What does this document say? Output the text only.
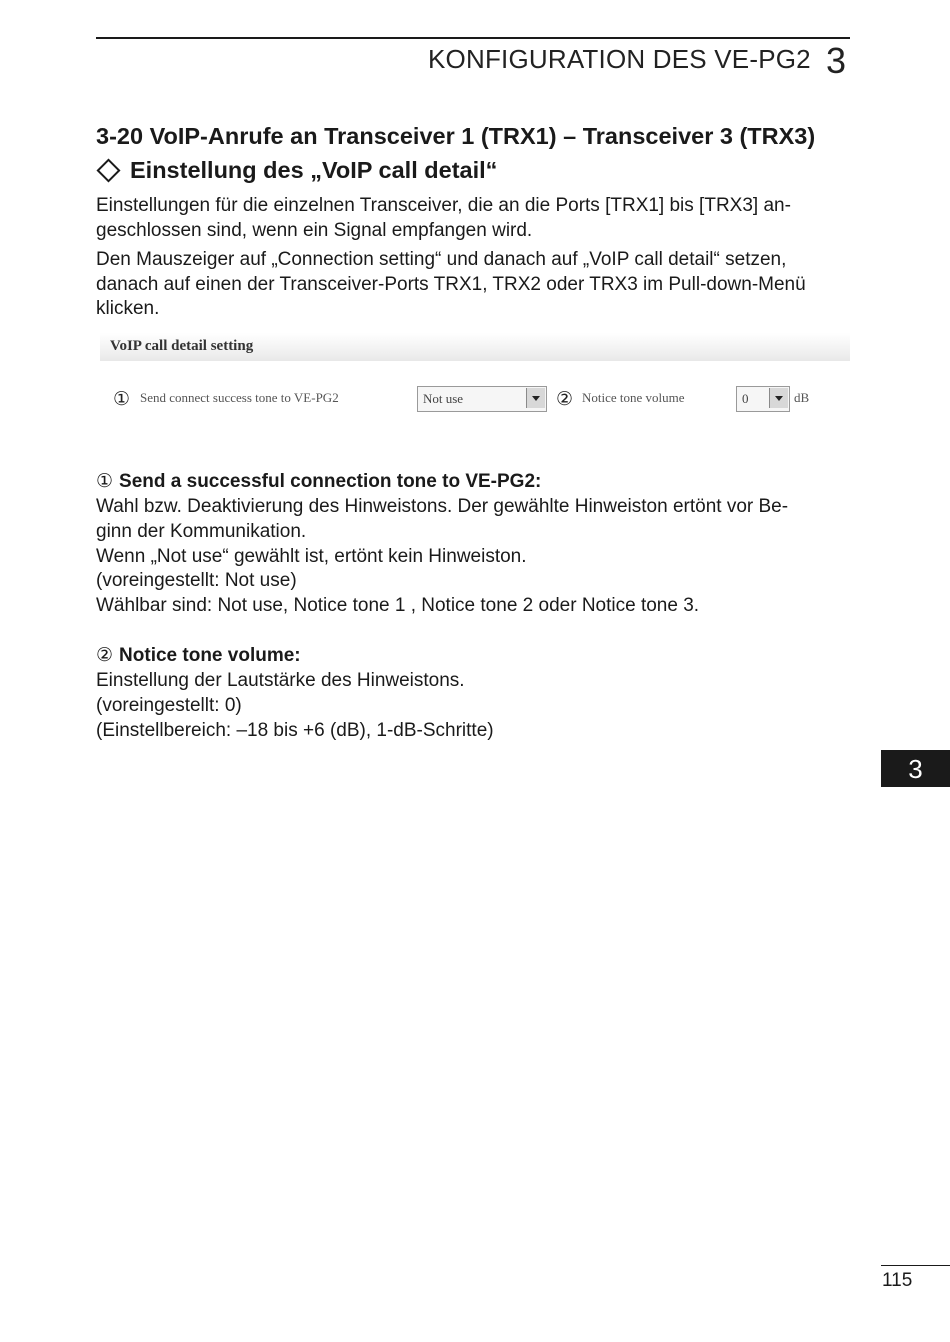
KONFIGURATION DES VE-PG2 3
3-20 VoIP-Anrufe an Transceiver 1 (TRX1) – Transceiver 3 (TRX3)
Einstellung des „VoIP call detail“
Einstellungen für die einzelnen Transceiver, die an die Ports [TRX1] bis [TRX3] an-
geschlossen sind, wenn ein Signal empfangen wird.
Den Mauszeiger auf „Connection setting“ und danach auf „VoIP call detail“ setzen,
danach auf einen der Transceiver-Ports TRX1, TRX2 oder TRX3 im Pull-down-Menü
klicken.
VoIP call detail setting
① Send connect success tone to VE-PG2	Not use	② Notice tone volume	0	dB
① Send a successful connection tone to VE-PG2:
Wahl bzw. Deaktivierung des Hinweistons. Der gewählte Hinweiston ertönt vor Be-
ginn der Kommunikation.
Wenn „Not use“ gewählt ist, ertönt kein Hinweiston.
(voreingestellt: Not use)
Wählbar sind: Not use, Notice tone 1 , Notice tone 2 oder Notice tone 3.
② Notice tone volume:
Einstellung der Lautstärke des Hinweistons.
(voreingestellt: 0)
(Einstellbereich: –18 bis +6 (dB), 1-dB-Schritte)
3
115
